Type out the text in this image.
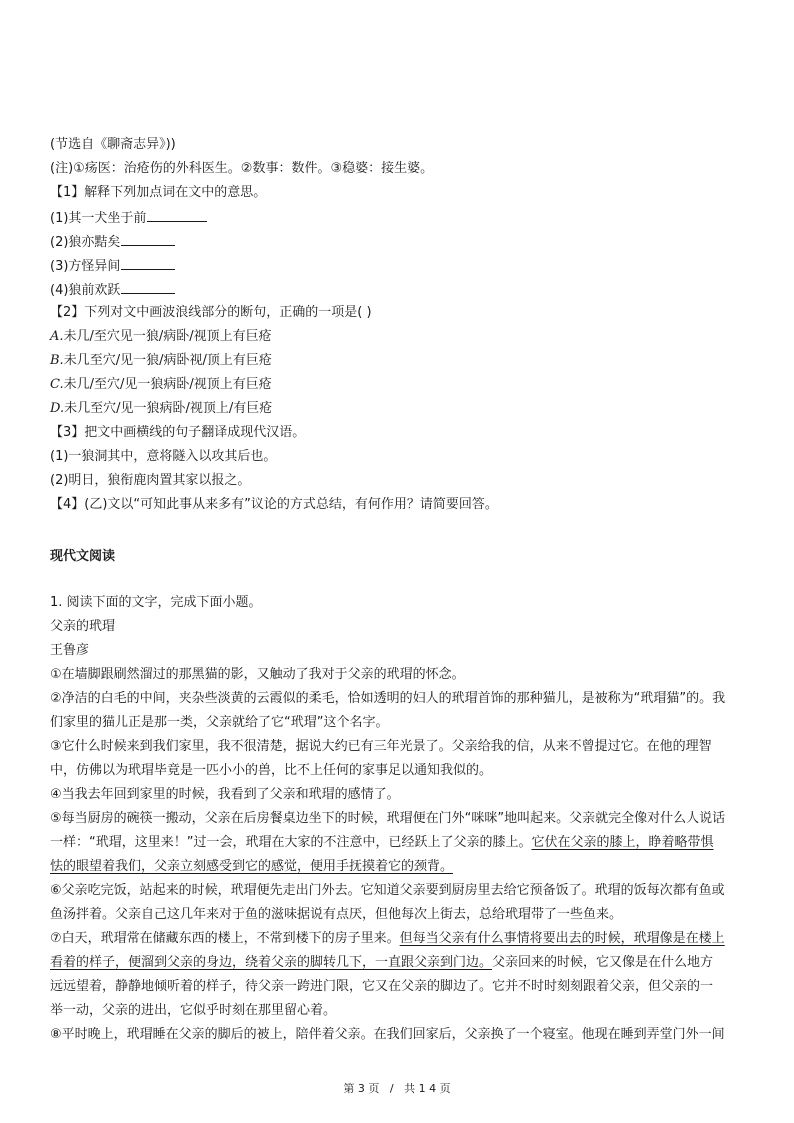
(节选自《聊斋志异》))
(注)①疡医：治疮伤的外科医生。②数事：数件。③稳婆：接生婆。
【1】解释下列加点词在文中的意思。
(1)其一犬坐于前
(2)狼亦黠矣
(3)方怪异间
(4)狼前欢跃
【2】下列对文中画波浪线部分的断句，正确的一项是( )
A.未几/至穴见一狼/病卧/视顶上有巨疮
B.未几至穴/见一狼/病卧视/顶上有巨疮
C.未几/至穴/见一狼病卧/视顶上有巨疮
D.未几至穴/见一狼病卧/视顶上/有巨疮
【3】把文中画横线的句子翻译成现代汉语。
(1)一狼洞其中，意将隧入以攻其后也。
(2)明日，狼衔鹿肉置其家以报之。
【4】(乙)文以“可知此事从来多有”议论的方式总结，有何作用？请简要回答。
现代文阅读
1. 阅读下面的文字，完成下面小题。
父亲的玳瑁
王鲁彦
①在墙脚跟刷然溜过的那黑猫的影，又触动了我对于父亲的玳瑁的怀念。
②净洁的白毛的中间，夹杂些淡黄的云霞似的柔毛，恰如透明的妇人的玳瑁首饰的那种猫儿，是被称为“玳瑁猫”的。我
们家里的猫儿正是那一类，父亲就给了它“玳瑁”这个名字。
③它什么时候来到我们家里，我不很清楚，据说大约已有三年光景了。父亲给我的信，从来不曾提过它。在他的理智
中，仿佛以为玳瑁毕竟是一匹小小的兽，比不上任何的家事足以通知我似的。
④当我去年回到家里的时候，我看到了父亲和玳瑁的感情了。
⑤每当厨房的碗筷一搬动，父亲在后房餐桌边坐下的时候，玳瑁便在门外“咪咪”地叫起来。父亲就完全像对什么人说话
一样：“玳瑁，这里来！”过一会，玳瑁在大家的不注意中，已经跃上了父亲的膝上。它伏在父亲的膝上，睁着略带惧
怯的眼望着我们，父亲立刻感受到它的感觉，便用手抚摸着它的颈背。
⑥父亲吃完饭，站起来的时候，玳瑁便先走出门外去。它知道父亲要到厨房里去给它预备饭了。玳瑁的饭每次都有鱼或
鱼汤拌着。父亲自己这几年来对于鱼的滋味据说有点厌，但他每次上街去，总给玳瑁带了一些鱼来。
⑦白天，玳瑁常在储藏东西的楼上，不常到楼下的房子里来。但每当父亲有什么事情将要出去的时候，玳瑁像是在楼上
看着的样子，便溜到父亲的身边，绕着父亲的脚转几下，一直跟父亲到门边。父亲回来的时候，它又像是在什么地方
远远望着，静静地倾听着的样子，待父亲一跨进门限，它又在父亲的脚边了。它并不时时刻刻跟着父亲，但父亲的一
举一动，父亲的进出，它似乎时刻在那里留心着。
⑧平时晚上，玳瑁睡在父亲的脚后的被上，陪伴着父亲。在我们回家后，父亲换了一个寝室。他现在睡到弄堂门外一间
第 3 页 / 共 1 4 页
